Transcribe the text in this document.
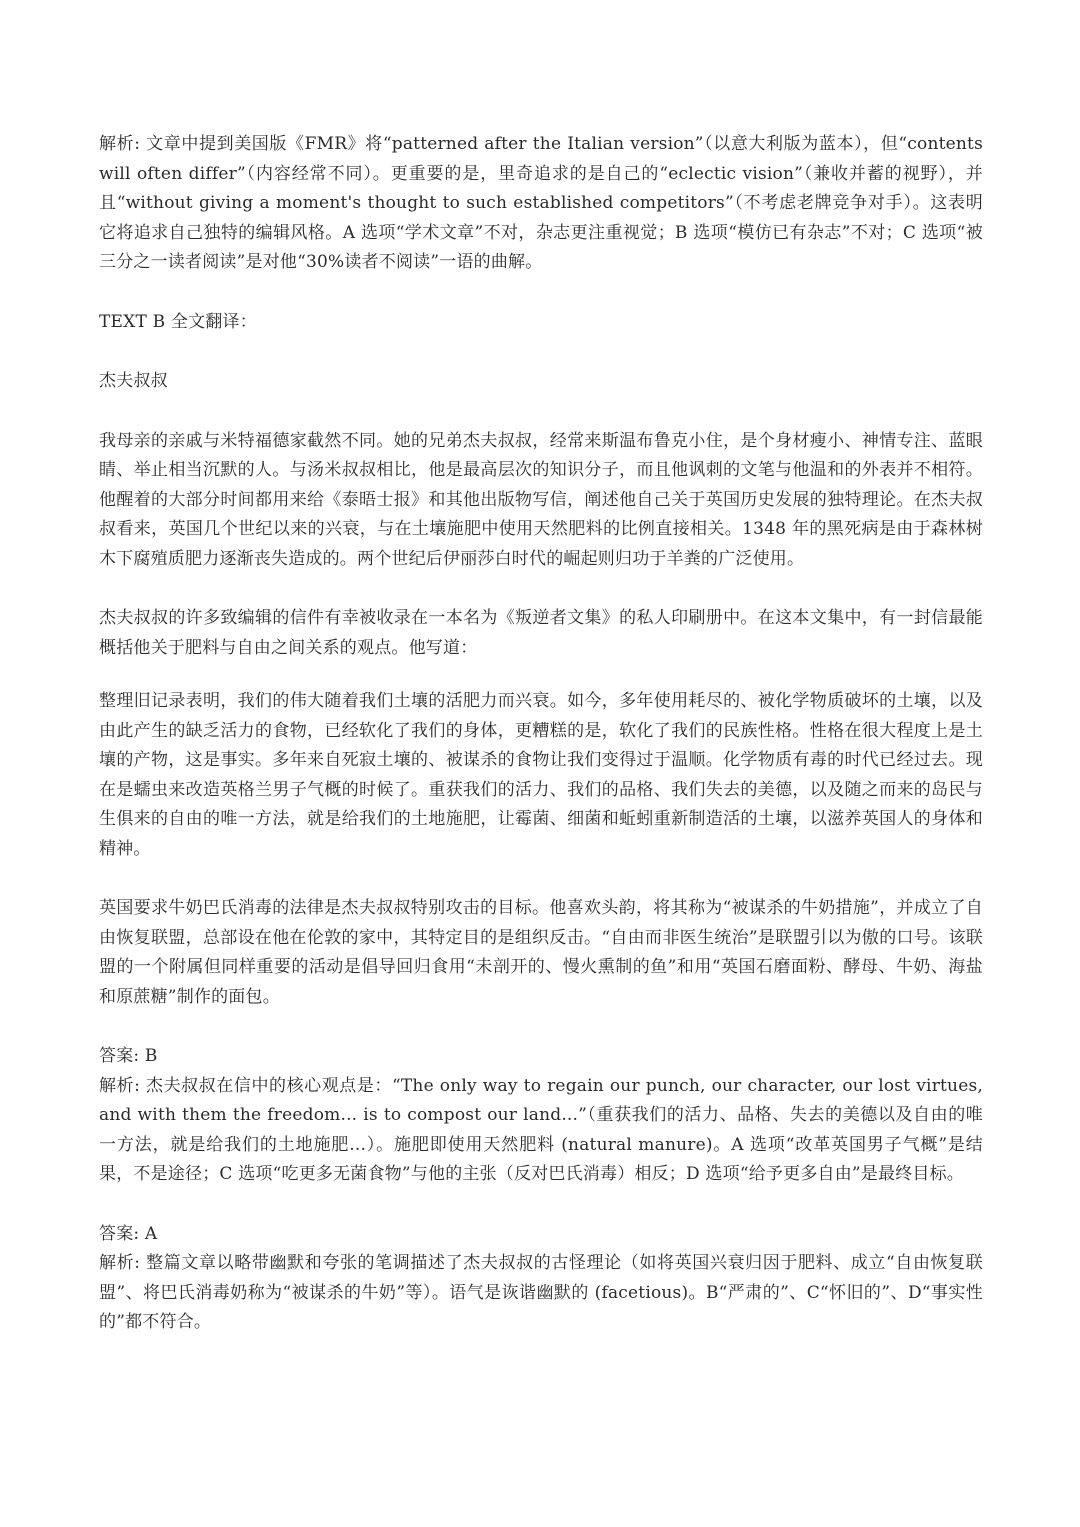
解析: 文章中提到美国版《FMR》将“patterned after the Italian version”（以意大利版为蓝本），但“contents will often differ”（内容经常不同）。更重要的是，里奇追求的是自己的“eclectic vision”（兼收并蓄的视野），并且“without giving a moment's thought to such established competitors”（不考虑老牌竞争对手）。这表明它将追求自己独特的编辑风格。A 选项“学术文章”不对，杂志更注重视觉；B 选项“模仿已有杂志”不对；C 选项“被三分之一读者阅读”是对他“30%读者不阅读”一语的曲解。

TEXT B 全文翻译：

杰夫叔叔

我母亲的亲戚与米特福德家截然不同。她的兄弟杰夫叔叔，经常来斯温布鲁克小住，是个身材瘦小、神情专注、蓝眼睛、举止相当沉默的人。与汤米叔叔相比，他是最高层次的知识分子，而且他讽刺的文笔与他温和的外表并不相符。他醒着的大部分时间都用来给《泰晤士报》和其他出版物写信，阐述他自己关于英国历史发展的独特理论。在杰夫叔叔看来，英国几个世纪以来的兴衰，与在土壤施肥中使用天然肥料的比例直接相关。1348 年的黑死病是由于森林树木下腐殖质肥力逐渐丧失造成的。两个世纪后伊丽莎白时代的崛起则归功于羊粪的广泛使用。

杰夫叔叔的许多致编辑的信件有幸被收录在一本名为《叛逆者文集》的私人印刷册中。在这本文集中，有一封信最能概括他关于肥料与自由之间关系的观点。他写道：

整理旧记录表明，我们的伟大随着我们土壤的活肥力而兴衰。如今，多年使用耗尽的、被化学物质破坏的土壤，以及由此产生的缺乏活力的食物，已经软化了我们的身体，更糟糕的是，软化了我们的民族性格。性格在很大程度上是土壤的产物，这是事实。多年来自死寂土壤的、被谋杀的食物让我们变得过于温顺。化学物质有毒的时代已经过去。现在是蠕虫来改造英格兰男子气概的时候了。重获我们的活力、我们的品格、我们失去的美德，以及随之而来的岛民与生俱来的自由的唯一方法，就是给我们的土地施肥，让霉菌、细菌和蚯蚓重新制造活的土壤，以滋养英国人的身体和精神。

英国要求牛奶巴氏消毒的法律是杰夫叔叔特别攻击的目标。他喜欢头韵，将其称为“被谋杀的牛奶措施”，并成立了自由恢复联盟，总部设在他在伦敦的家中，其特定目的是组织反击。“自由而非医生统治”是联盟引以为傲的口号。该联盟的一个附属但同样重要的活动是倡导回归食用“未剖开的、慢火熏制的鱼”和用“英国石磨面粉、酵母、牛奶、海盐和原蔗糖”制作的面包。

答案: B

解析: 杰夫叔叔在信中的核心观点是：“The only way to regain our punch, our character, our lost virtues, and with them the freedom... is to compost our land...”（重获我们的活力、品格、失去的美德以及自由的唯一方法，就是给我们的土地施肥...）。施肥即使用天然肥料 (natural manure)。A 选项“改革英国男子气概”是结果，不是途径；C 选项“吃更多无菌食物”与他的主张（反对巴氏消毒）相反；D 选项“给予更多自由”是最终目标。

答案: A

解析: 整篇文章以略带幽默和夸张的笔调描述了杰夫叔叔的古怪理论（如将英国兴衰归因于肥料、成立“自由恢复联盟”、将巴氏消毒奶称为“被谋杀的牛奶”等）。语气是诙谐幽默的 (facetious)。B“严肃的”、C“怀旧的”、D“事实性的”都不符合。
